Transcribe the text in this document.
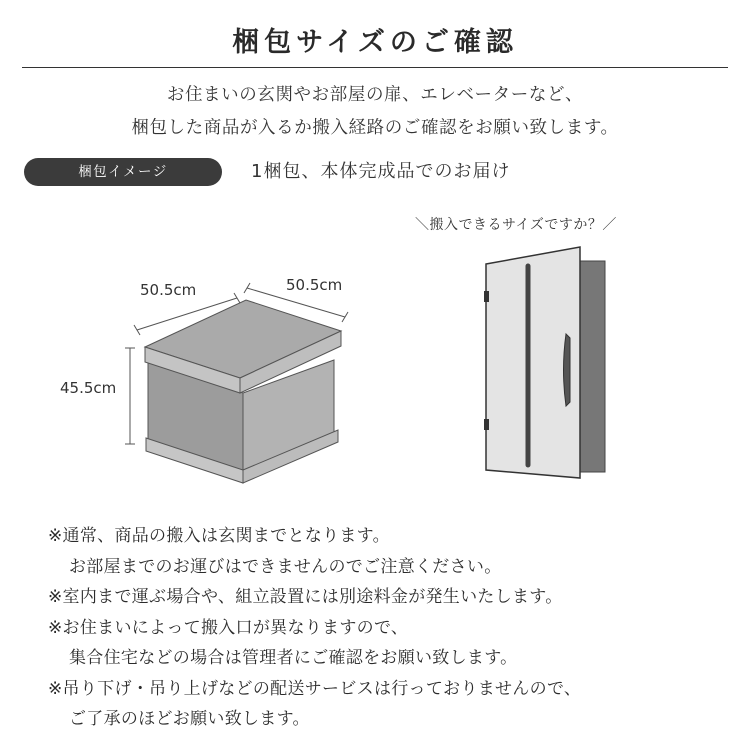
梱包サイズのご確認
お住まいの玄関やお部屋の扉、エレベーターなど、
梱包した商品が入るか搬入経路のご確認をお願い致します。
梱包イメージ	1梱包、本体完成品でのお届け
50.5cm	50.5cm
45.5cm
＼搬入できるサイズですか？／
※通常、商品の搬入は玄関までとなります。
お部屋までのお運びはできませんのでご注意ください。
※室内まで運ぶ場合や、組立設置には別途料金が発生いたします。
※お住まいによって搬入口が異なりますので、
集合住宅などの場合は管理者にご確認をお願い致します。
※吊り下げ・吊り上げなどの配送サービスは行っておりませんので、
ご了承のほどお願い致します。
